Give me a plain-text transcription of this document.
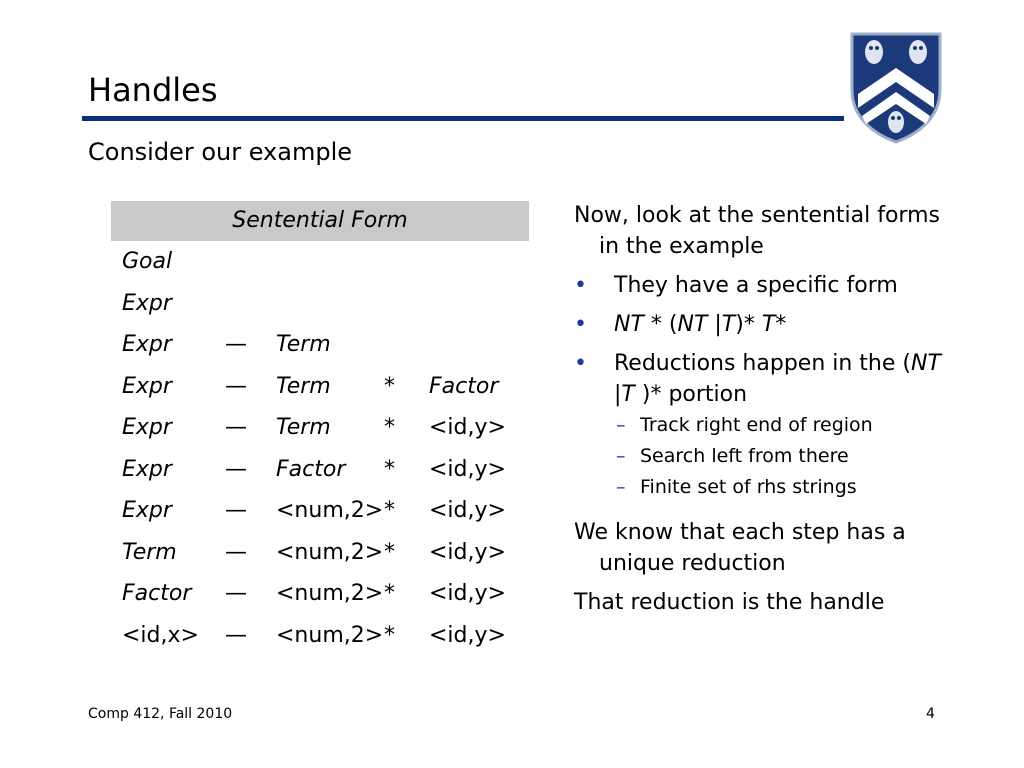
Handles
Consider our example
Sentential Form
Goal
Expr
Expr — Term
Expr — Term * Factor
Expr — Term * <id,y>
Expr — Factor * <id,y>
Expr — <num,2> * <id,y>
Term — <num,2> * <id,y>
Factor — <num,2> * <id,y>
<id,x> — <num,2> * <id,y>
Now, look at the sentential forms in the example
• They have a specific form
• NT * (NT |T)* T*
• Reductions happen in the (NT |T )* portion
– Track right end of region
– Search left from there
– Finite set of rhs strings
We know that each step has a unique reduction
That reduction is the handle
Comp 412, Fall 2010	4
